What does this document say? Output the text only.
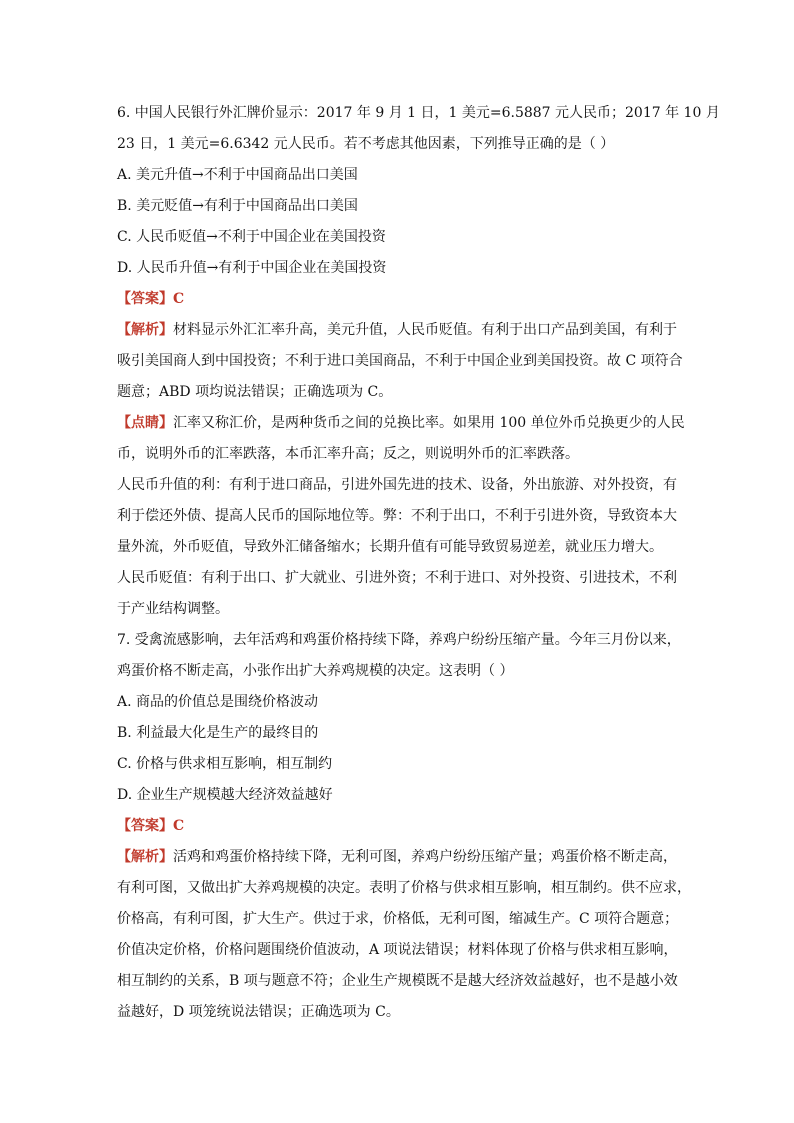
6. 中国人民银行外汇牌价显示：2017 年 9 月 1 日，1 美元=6.5887 元人民币；2017 年 10 月
23 日，1 美元=6.6342 元人民币。若不考虑其他因素，下列推导正确的是（ ）
A. 美元升值→不利于中国商品出口美国
B. 美元贬值→有利于中国商品出口美国
C. 人民币贬值→不利于中国企业在美国投资
D. 人民币升值→有利于中国企业在美国投资
【答案】C
【解析】材料显示外汇汇率升高，美元升值，人民币贬值。有利于出口产品到美国，有利于
吸引美国商人到中国投资；不利于进口美国商品，不利于中国企业到美国投资。故 C 项符合
题意；ABD 项均说法错误；正确选项为 C。
【点睛】汇率又称汇价，是两种货币之间的兑换比率。如果用 100 单位外币兑换更少的人民
币，说明外币的汇率跌落，本币汇率升高；反之，则说明外币的汇率跌落。
人民币升值的利：有利于进口商品，引进外国先进的技术、设备，外出旅游、对外投资，有
利于偿还外债、提高人民币的国际地位等。弊：不利于出口，不利于引进外资，导致资本大
量外流，外币贬值，导致外汇储备缩水；长期升值有可能导致贸易逆差，就业压力增大。
人民币贬值：有利于出口、扩大就业、引进外资；不利于进口、对外投资、引进技术，不利
于产业结构调整。
7. 受禽流感影响，去年活鸡和鸡蛋价格持续下降，养鸡户纷纷压缩产量。今年三月份以来，
鸡蛋价格不断走高，小张作出扩大养鸡规模的决定。这表明（ ）
A. 商品的价值总是围绕价格波动
B. 利益最大化是生产的最终目的
C. 价格与供求相互影响，相互制约
D. 企业生产规模越大经济效益越好
【答案】C
【解析】活鸡和鸡蛋价格持续下降，无利可图，养鸡户纷纷压缩产量；鸡蛋价格不断走高，
有利可图，又做出扩大养鸡规模的决定。表明了价格与供求相互影响，相互制约。供不应求，
价格高，有利可图，扩大生产。供过于求，价格低，无利可图，缩减生产。C 项符合题意；
价值决定价格，价格问题围绕价值波动，A 项说法错误；材料体现了价格与供求相互影响，
相互制约的关系，B 项与题意不符；企业生产规模既不是越大经济效益越好，也不是越小效
益越好，D 项笼统说法错误；正确选项为 C。
